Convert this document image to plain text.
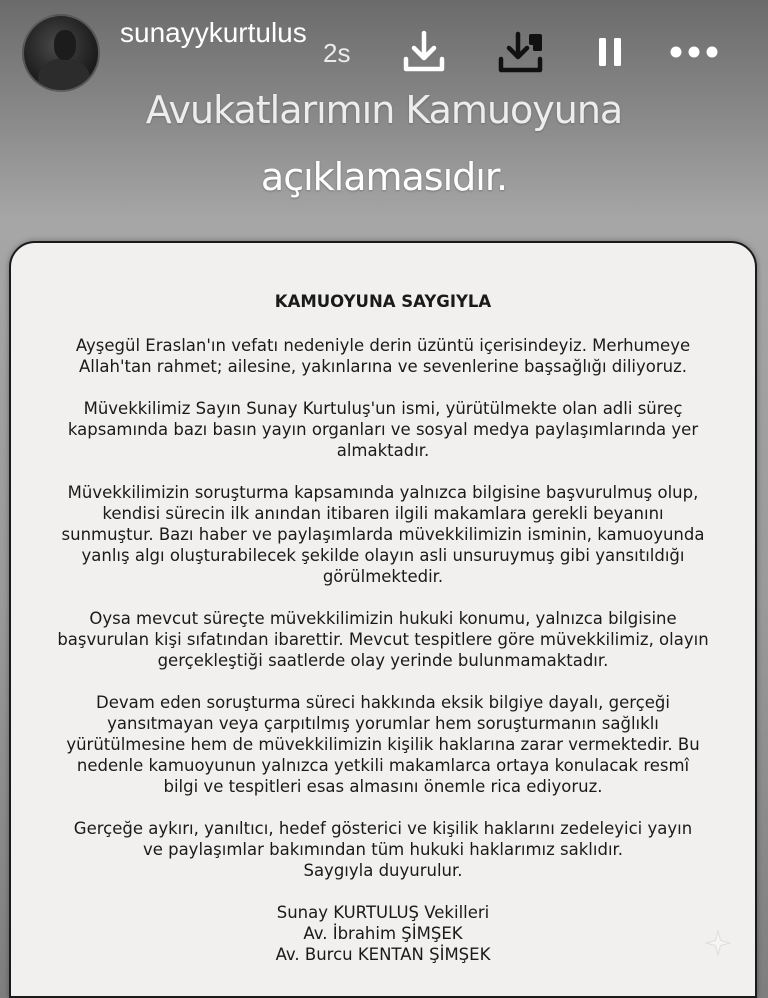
sunayykurtulus
2s
Avukatlarımın Kamuoyuna
açıklamasıdır.
KAMUOYUNA SAYGIYLA
Ayşegül Eraslan'ın vefatı nedeniyle derin üzüntü içerisindeyiz. Merhumeye
Allah'tan rahmet; ailesine, yakınlarına ve sevenlerine başsağlığı diliyoruz.
Müvekkilimiz Sayın Sunay Kurtuluş'un ismi, yürütülmekte olan adli süreç
kapsamında bazı basın yayın organları ve sosyal medya paylaşımlarında yer
almaktadır.
Müvekkilimizin soruşturma kapsamında yalnızca bilgisine başvurulmuş olup,
kendisi sürecin ilk anından itibaren ilgili makamlara gerekli beyanını
sunmuştur. Bazı haber ve paylaşımlarda müvekkilimizin isminin, kamuoyunda
yanlış algı oluşturabilecek şekilde olayın asli unsuruymuş gibi yansıtıldığı
görülmektedir.
Oysa mevcut süreçte müvekkilimizin hukuki konumu, yalnızca bilgisine
başvurulan kişi sıfatından ibarettir. Mevcut tespitlere göre müvekkilimiz, olayın
gerçekleştiği saatlerde olay yerinde bulunmamaktadır.
Devam eden soruşturma süreci hakkında eksik bilgiye dayalı, gerçeği
yansıtmayan veya çarpıtılmış yorumlar hem soruşturmanın sağlıklı
yürütülmesine hem de müvekkilimizin kişilik haklarına zarar vermektedir. Bu
nedenle kamuoyunun yalnızca yetkili makamlarca ortaya konulacak resmî
bilgi ve tespitleri esas almasını önemle rica ediyoruz.
Gerçeğe aykırı, yanıltıcı, hedef gösterici ve kişilik haklarını zedeleyici yayın
ve paylaşımlar bakımından tüm hukuki haklarımız saklıdır.
Saygıyla duyurulur.
Sunay KURTULUŞ Vekilleri
Av. İbrahim ŞİMŞEK
Av. Burcu KENTAN ŞİMŞEK
